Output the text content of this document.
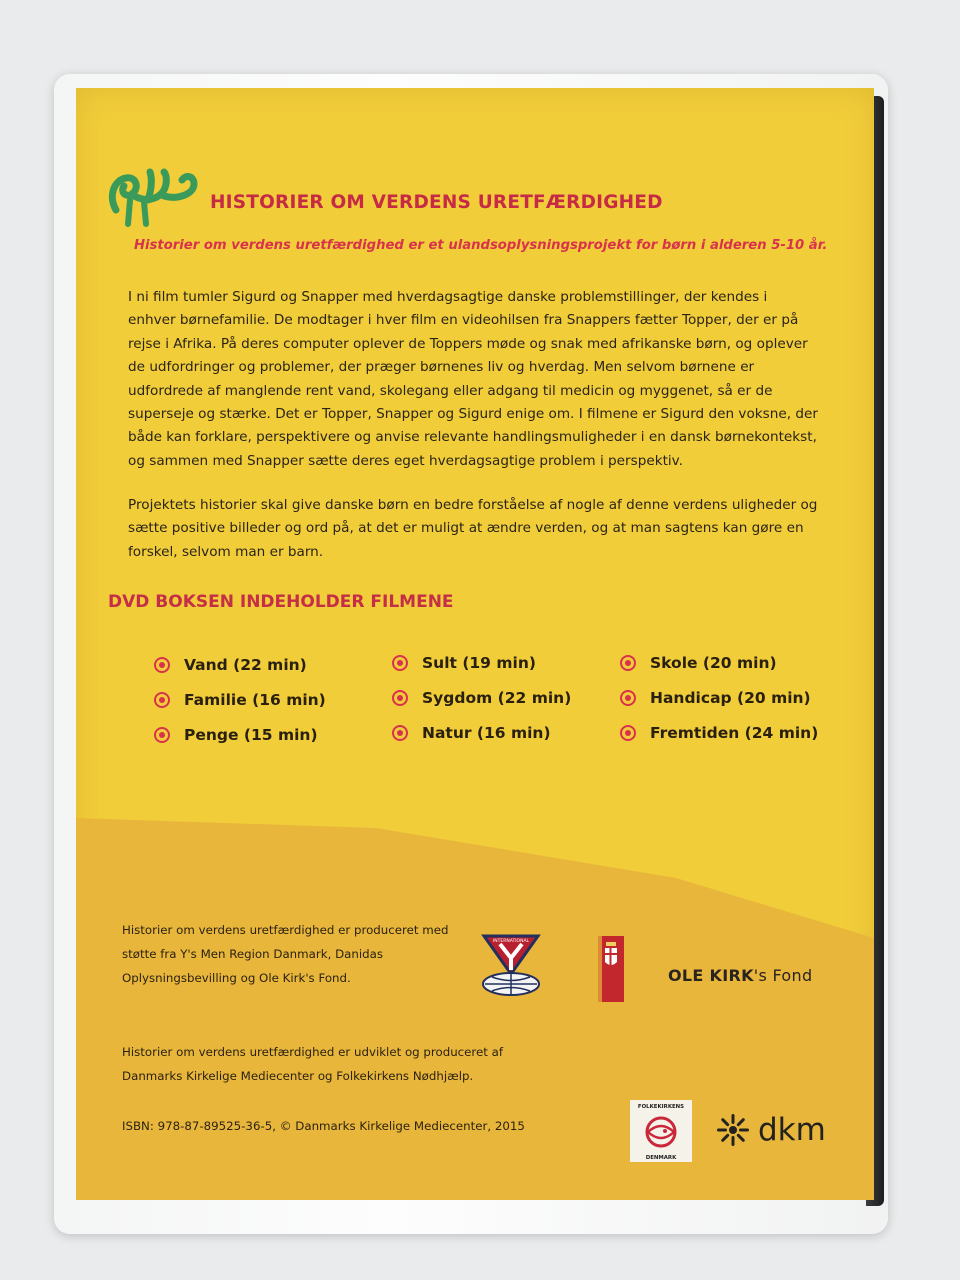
HISTORIER OM VERDENS URETFÆRDIGHED

Historier om verdens uretfærdighed er et ulandsoplysningsprojekt for børn i alderen 5-10 år.

I ni film tumler Sigurd og Snapper med hverdagsagtige danske problemstillinger, der kendes i enhver børnefamilie. De modtager i hver film en videohilsen fra Snappers fætter Topper, der er på rejse i Afrika. På deres computer oplever de Toppers møde og snak med afrikanske børn, og oplever de udfordringer og problemer, der præger børnenes liv og hverdag. Men selvom børnene er udfordrede af manglende rent vand, skolegang eller adgang til medicin og myggenet, så er de superseje og stærke. Det er Topper, Snapper og Sigurd enige om. I filmene er Sigurd den voksne, der både kan forklare, perspektivere og anvise relevante handlingsmuligheder i en dansk børnekontekst, og sammen med Snapper sætte deres eget hverdagsagtige problem i perspektiv.

Projektets historier skal give danske børn en bedre forståelse af nogle af denne verdens uligheder og sætte positive billeder og ord på, at det er muligt at ændre verden, og at man sagtens kan gøre en forskel, selvom man er barn.

DVD BOKSEN INDEHOLDER FILMENE
Vand (22 min)
Familie (16 min)
Penge (15 min)
Sult (19 min)
Sygdom (22 min)
Natur (16 min)
Skole (20 min)
Handicap (20 min)
Fremtiden (24 min)

Historier om verdens uretfærdighed er produceret med støtte fra Y's Men Region Danmark, Danidas Oplysningsbevilling og Ole Kirk's Fond.

INTERNATIONAL

OLE KIRK's Fond

Historier om verdens uretfærdighed er udviklet og produceret af Danmarks Kirkelige Mediecenter og Folkekirkens Nødhjælp.

ISBN: 978-87-89525-36-5, © Danmarks Kirkelige Mediecenter, 2015

FOLKEKIRKENS
DENMARK
dkm
